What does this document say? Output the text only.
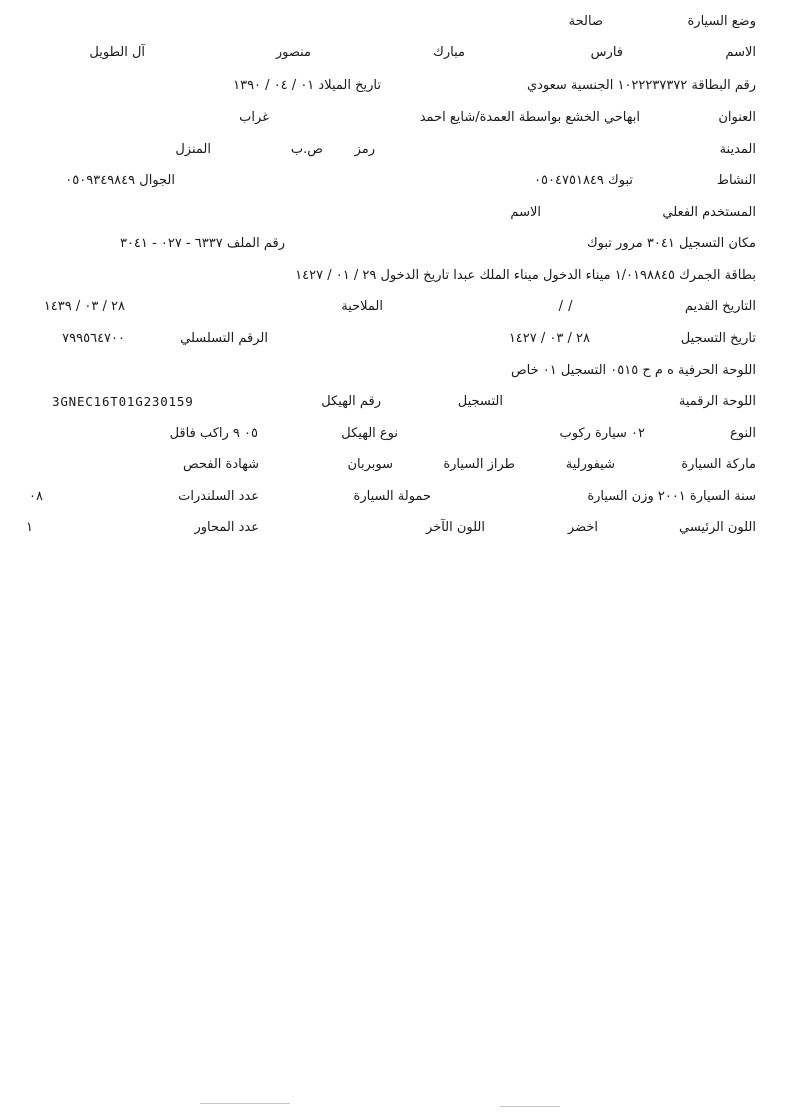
وضع السيارة
صالحة
الاسم
فارس
مبارك
منصور
آل الطويل
رقم البطاقة ١٠٢٢٢٣٧٣٧٢ الجنسية سعودي
تاريخ الميلاد ٠١ / ٠٤ / ١٣٩٠
العنوان
ابهاحي الخشع بواسطة العمدة/شايع احمد
غراب
المدينة
رمز
ص.ب
المنزل
النشاط
تبوك ٠٥٠٤٧٥١٨٤٩
الجوال ٠٥٠٩٣٤٩٨٤٩
المستخدم الفعلي
الاسم
مكان التسجيل ٣٠٤١ مرور تبوك
رقم الملف ٦٣٣٧ - ٠٢٧ - ٣٠٤١
بطاقة الجمرك ١/٠١٩٨٨٤٥ ميناء الدخول ميناء الملك عبدا تاريخ الدخول ٢٩ / ٠١ / ١٤٢٧
التاريخ القديم
/ /
الملاحية
٢٨ / ٠٣ / ١٤٣٩
تاريخ التسجيل
٢٨ / ٠٣ / ١٤٢٧
الرقم التسلسلي
٧٩٩٥٦٤٧٠٠
اللوحة الحرفية ه م ح ٠٥١٥ التسجيل ٠١ خاص
اللوحة الرقمية
التسجيل
رقم الهيكل
3GNEC16T01G230159
النوع
٠٢ سيارة ركوب
نوع الهيكل
٠٥ ٩ راكب فاقل
ماركة السيارة
شيفورلية
طراز السيارة
سوبربان
شهادة الفحص
سنة السيارة ٢٠٠١ وزن السيارة
حمولة السيارة
عدد السلندرات
٠٨
اللون الرئيسي
اخضر
اللون الآخر
عدد المحاور
١
